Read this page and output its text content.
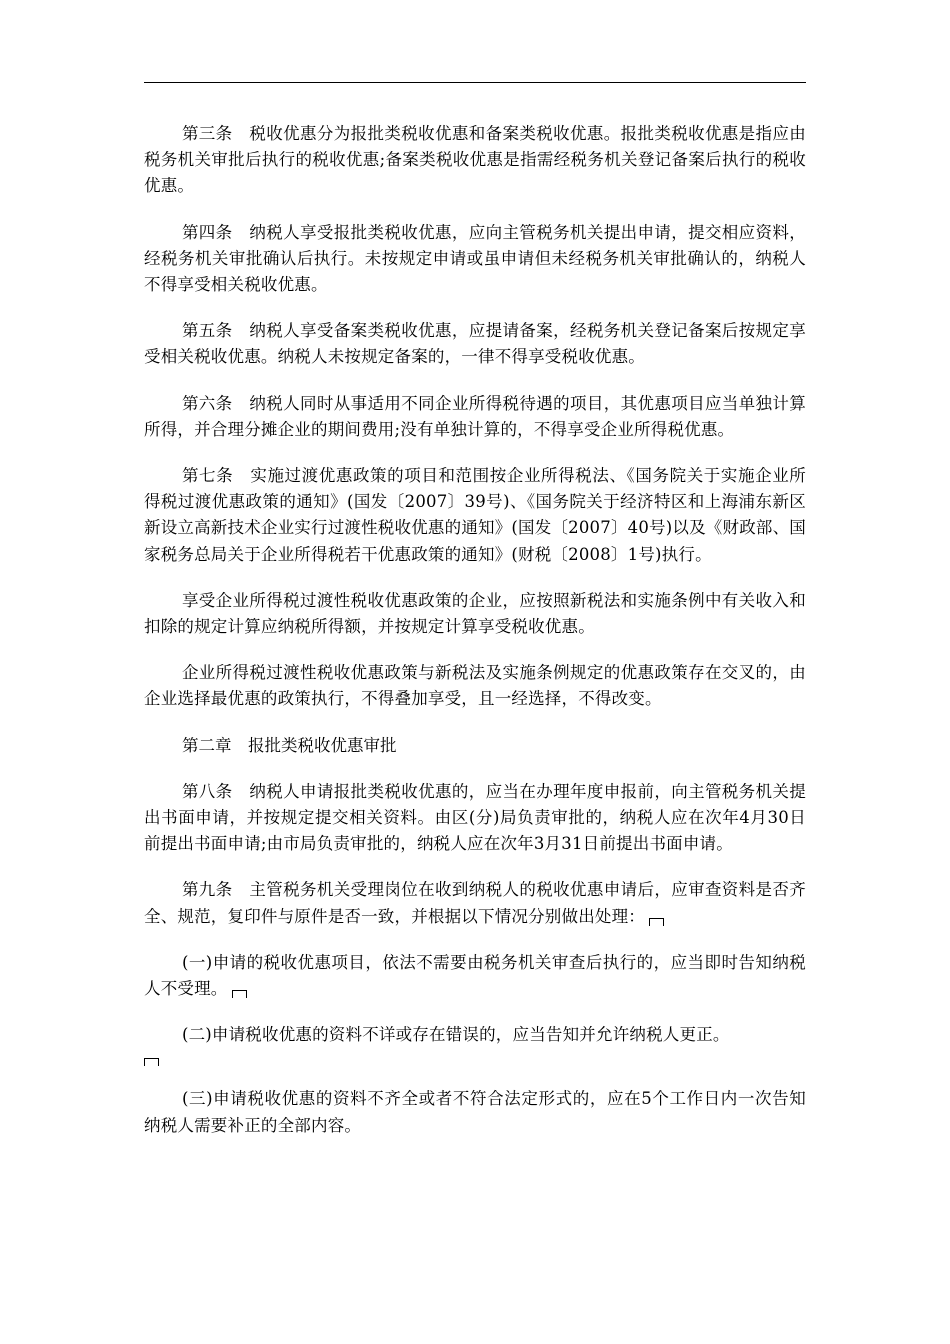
第三条　税收优惠分为报批类税收优惠和备案类税收优惠。报批类税收优惠是指应由税务机关审批后执行的税收优惠;备案类税收优惠是指需经税务机关登记备案后执行的税收优惠。

第四条　纳税人享受报批类税收优惠，应向主管税务机关提出申请，提交相应资料，经税务机关审批确认后执行。未按规定申请或虽申请但未经税务机关审批确认的，纳税人不得享受相关税收优惠。

第五条　纳税人享受备案类税收优惠，应提请备案，经税务机关登记备案后按规定享受相关税收优惠。纳税人未按规定备案的，一律不得享受税收优惠。

第六条　纳税人同时从事适用不同企业所得税待遇的项目，其优惠项目应当单独计算所得，并合理分摊企业的期间费用;没有单独计算的，不得享受企业所得税优惠。

第七条　实施过渡优惠政策的项目和范围按企业所得税法、《国务院关于实施企业所得税过渡优惠政策的通知》(国发〔2007〕39号)、《国务院关于经济特区和上海浦东新区新设立高新技术企业实行过渡性税收优惠的通知》(国发〔2007〕40号)以及《财政部、国家税务总局关于企业所得税若干优惠政策的通知》(财税〔2008〕1号)执行。

享受企业所得税过渡性税收优惠政策的企业，应按照新税法和实施条例中有关收入和扣除的规定计算应纳税所得额，并按规定计算享受税收优惠。

企业所得税过渡性税收优惠政策与新税法及实施条例规定的优惠政策存在交叉的，由企业选择最优惠的政策执行，不得叠加享受，且一经选择，不得改变。

第二章　报批类税收优惠审批

第八条　纳税人申请报批类税收优惠的，应当在办理年度申报前，向主管税务机关提出书面申请，并按规定提交相关资料。由区(分)局负责审批的，纳税人应在次年4月30日前提出书面申请;由市局负责审批的，纳税人应在次年3月31日前提出书面申请。

第九条　主管税务机关受理岗位在收到纳税人的税收优惠申请后，应审查资料是否齐全、规范，复印件与原件是否一致，并根据以下情况分别做出处理：

(一)申请的税收优惠项目，依法不需要由税务机关审查后执行的，应当即时告知纳税人不受理。

(二)申请税收优惠的资料不详或存在错误的，应当告知并允许纳税人更正。

(三)申请税收优惠的资料不齐全或者不符合法定形式的，应在5个工作日内一次告知纳税人需要补正的全部内容。
